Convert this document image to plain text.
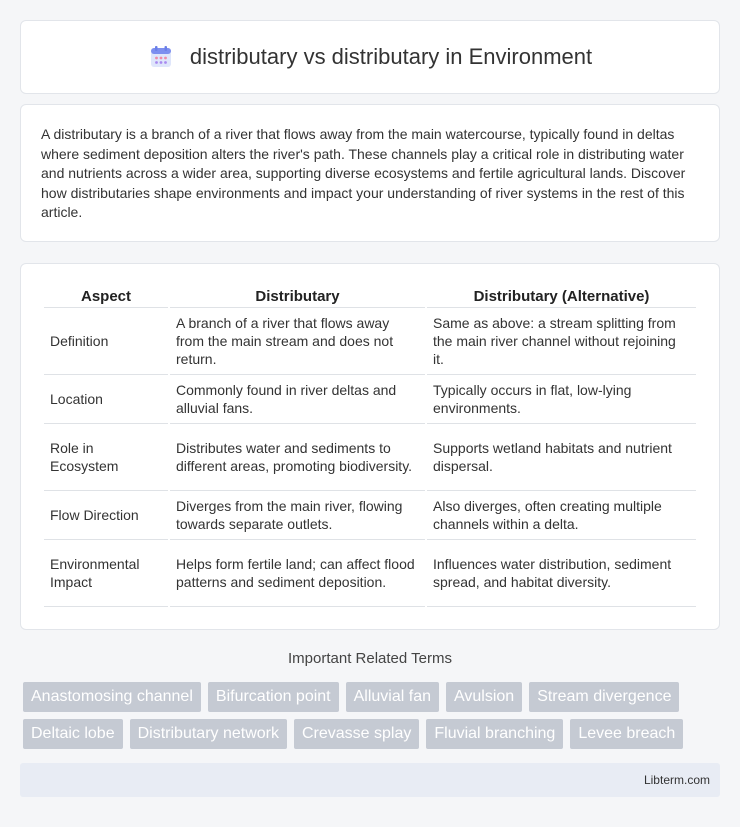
distributary vs distributary in Environment
A distributary is a branch of a river that flows away from the main watercourse, typically found in deltas where sediment deposition alters the river's path. These channels play a critical role in distributing water and nutrients across a wider area, supporting diverse ecosystems and fertile agricultural lands. Discover how distributaries shape environments and impact your understanding of river systems in the rest of this article.
Aspect	Distributary	Distributary (Alternative)
Definition	A branch of a river that flows away from the main stream and does not return.	Same as above: a stream splitting from the main river channel without rejoining it.
Location	Commonly found in river deltas and alluvial fans.	Typically occurs in flat, low-lying environments.
Role in Ecosystem	Distributes water and sediments to different areas, promoting biodiversity.	Supports wetland habitats and nutrient dispersal.
Flow Direction	Diverges from the main river, flowing towards separate outlets.	Also diverges, often creating multiple channels within a delta.
Environmental Impact	Helps form fertile land; can affect flood patterns and sediment deposition.	Influences water distribution, sediment spread, and habitat diversity.
Important Related Terms
Anastomosing channel	Bifurcation point	Alluvial fan	Avulsion	Stream divergence
Deltaic lobe	Distributary network	Crevasse splay	Fluvial branching	Levee breach
Libterm.com
